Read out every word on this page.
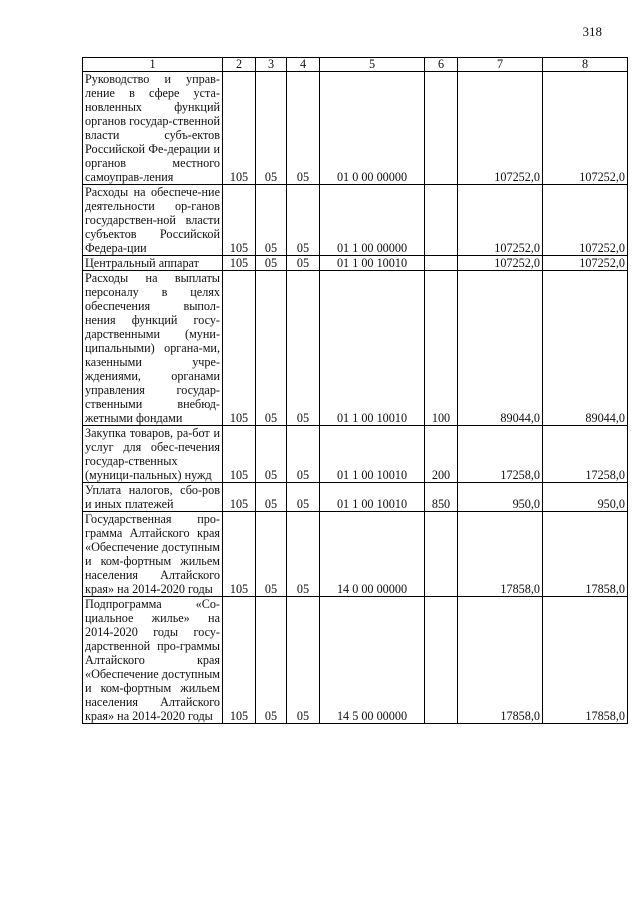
318
1	2	3	4	5	6	7	8
Руководство и управ-ление в сфере уста-новленных функций органов государ-ственной власти субъ-ектов Российской Фе-дерации и органов местного самоуправ-ления	105	05	05	01 0 00 00000		107252,0	107252,0
Расходы на обеспече-ние деятельности ор-ганов государствен-ной власти субъектов Российской Федера-ции	105	05	05	01 1 00 00000		107252,0	107252,0
Центральный аппарат	105	05	05	01 1 00 10010		107252,0	107252,0
Расходы на выплаты персоналу в целях обеспечения выпол-нения функций госу-дарственными (муни-ципальными) органа-ми, казенными учре-ждениями, органами управления государ-ственными внебюд-жетными фондами	105	05	05	01 1 00 10010	100	89044,0	89044,0
Закупка товаров, ра-бот и услуг для обес-печения государ-ственных (муници-пальных) нужд	105	05	05	01 1 00 10010	200	17258,0	17258,0
Уплата налогов, сбо-ров и иных платежей	105	05	05	01 1 00 10010	850	950,0	950,0
Государственная про-грамма Алтайского края «Обеспечение доступным и ком-фортным жильем населения Алтайского края» на 2014-2020 годы	105	05	05	14 0 00 00000		17858,0	17858,0
Подпрограмма «Со-циальное жилье» на 2014-2020 годы госу-дарственной про-граммы Алтайского края «Обеспечение доступным и ком-фортным жильем населения Алтайского края» на 2014-2020 годы	105	05	05	14 5 00 00000		17858,0	17858,0
